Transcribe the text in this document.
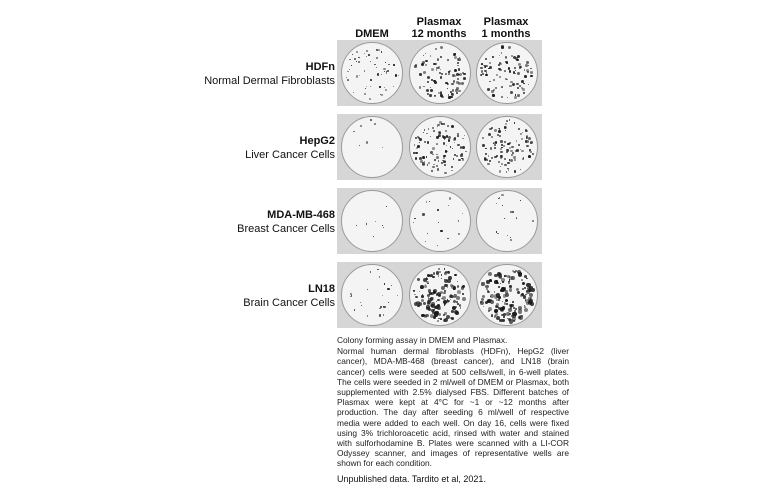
DMEM
Plasmax
12 months
Plasmax
1 months
HDFn
Normal Dermal Fibroblasts
HepG2
Liver Cancer Cells
MDA-MB-468
Breast Cancer Cells
LN18
Brain Cancer Cells
Colony forming assay in DMEM and Plasmax.
Normal human dermal fibroblasts (HDFn), HepG2 (liver cancer), MDA-MB-468 (breast cancer), and LN18 (brain cancer) cells were seeded at 500 cells/well, in 6-well plates. The cells were seeded in 2 ml/well of DMEM or Plasmax, both supplemented with 2.5% dialysed FBS. Different batches of Plasmax were kept at 4°C for ~1 or ~12 months after production. The day after seeding 6 ml/well of respective media were added to each well. On day 16, cells were fixed using 3% trichloroacetic acid, rinsed with water and stained with sulforhodamine B. Plates were scanned with a LI-COR Odyssey scanner, and images of representative wells are shown for each condition.
Unpublished data. Tardito et al, 2021.
